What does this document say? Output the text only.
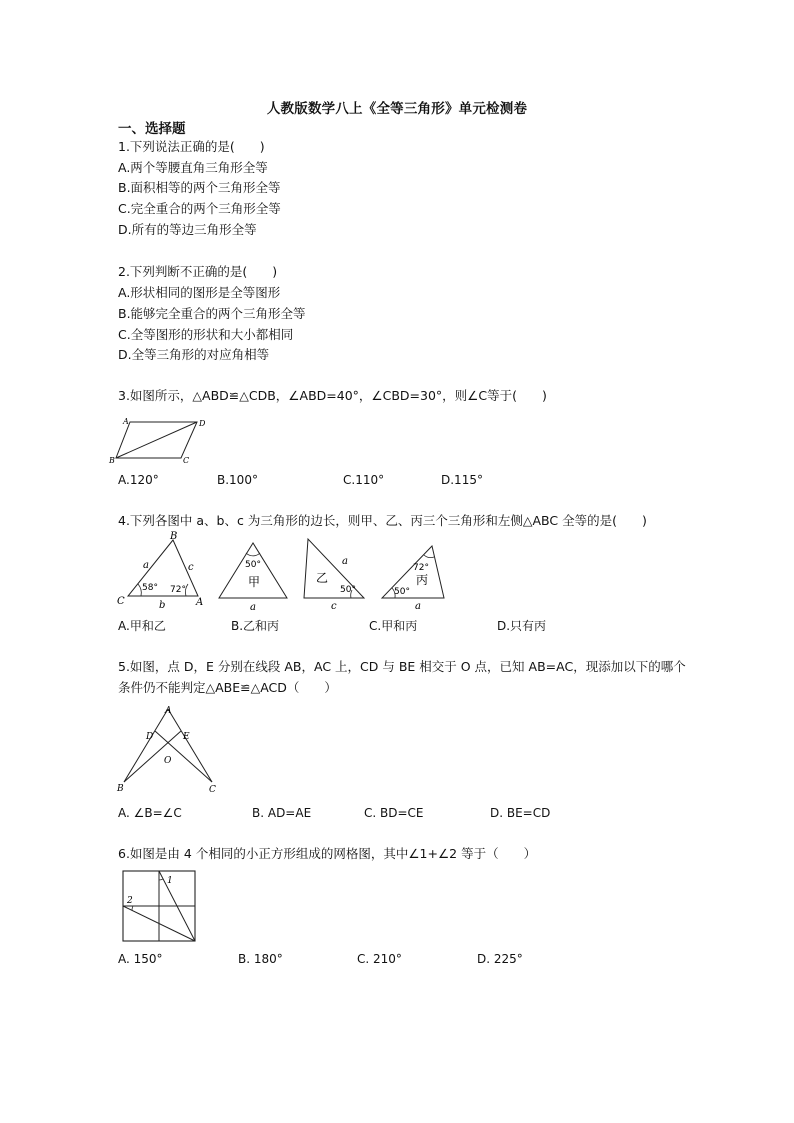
人教版数学八上《全等三角形》单元检测卷
一、选择题
1.下列说法正确的是(　　)
A.两个等腰直角三角形全等
B.面积相等的两个三角形全等
C.完全重合的两个三角形全等
D.所有的等边三角形全等
2.下列判断不正确的是(　　)
A.形状相同的图形是全等图形
B.能够完全重合的两个三角形全等
C.全等图形的形状和大小都相同
D.全等三角形的对应角相等
3.如图所示，△ABD≌△CDB，∠ABD=40°，∠CBD=30°，则∠C等于(　　)
A	D
B	C
A.120°	B.100°	C.110°	D.115°
4.下列各图中 a、b、c 为三角形的边长，则甲、乙、丙三个三角形和左侧△ABC 全等的是(　　)
B
C	A
a	c
b
58° 72°
50°
甲
a
乙
a
50°
c
72°
丙
50°
a
A.甲和乙	B.乙和丙	C.甲和丙	D.只有丙
5.如图，点 D，E 分别在线段 AB，AC 上，CD 与 BE 相交于 O 点，已知 AB=AC，现添加以下的哪个
条件仍不能判定△ABE≌△ACD（　　）
A
D	E
O
B	C
A. ∠B=∠C	B. AD=AE	C. BD=CE	D. BE=CD
6.如图是由 4 个相同的小正方形组成的网格图，其中∠1+∠2 等于（　　）
1
2
A. 150°	B. 180°	C. 210°	D. 225°
